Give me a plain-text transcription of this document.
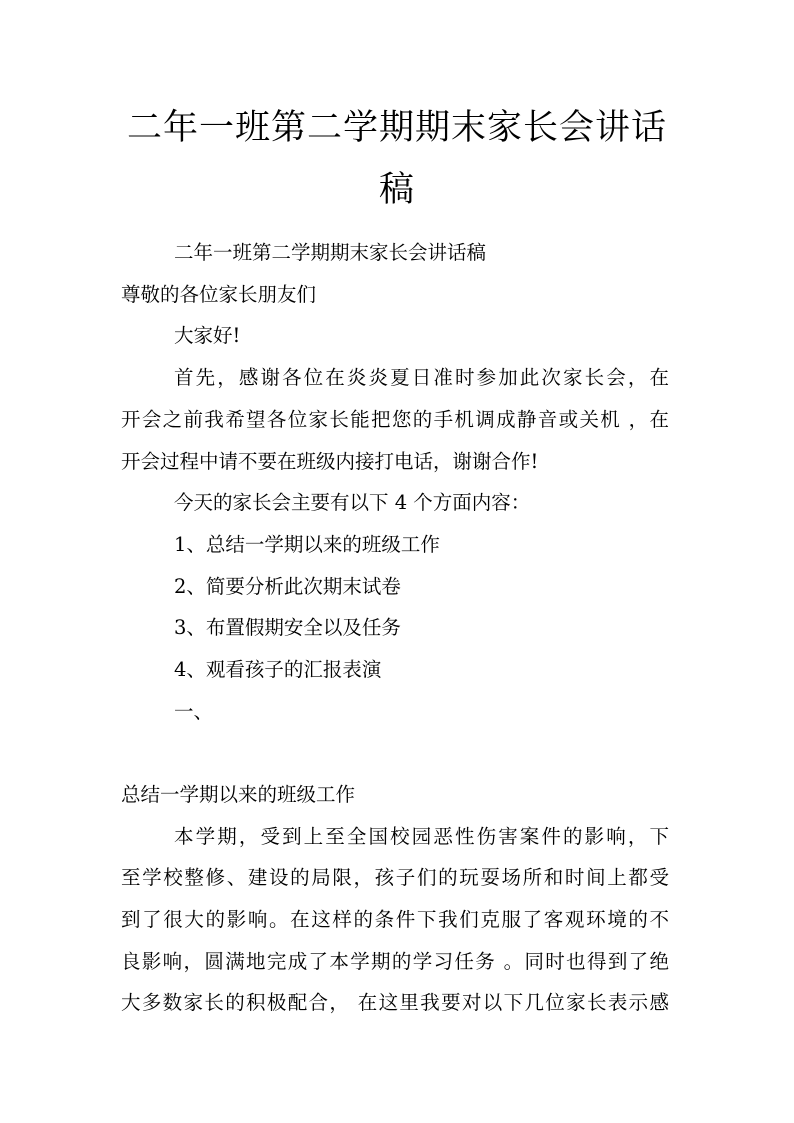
二年一班第二学期期末家长会讲话
稿

二年一班第二学期期末家长会讲话稿

尊敬的各位家长朋友们

大家好!

首先，感谢各位在炎炎夏日准时参加此次家长会，在

开会之前我希望各位家长能把您的手机调成静音或关机 ，在

开会过程中请不要在班级内接打电话，谢谢合作!

今天的家长会主要有以下 4 个方面内容：

1、总结一学期以来的班级工作

2、简要分析此次期末试卷

3、布置假期安全以及任务

4、观看孩子的汇报表演

一、

总结一学期以来的班级工作

本学期，受到上至全国校园恶性伤害案件的影响，下

至学校整修、建设的局限，孩子们的玩耍场所和时间上都受

到了很大的影响。在这样的条件下我们克服了客观环境的不

良影响，圆满地完成了本学期的学习任务 。同时也得到了绝

大多数家长的积极配合， 在这里我要对以下几位家长表示感
